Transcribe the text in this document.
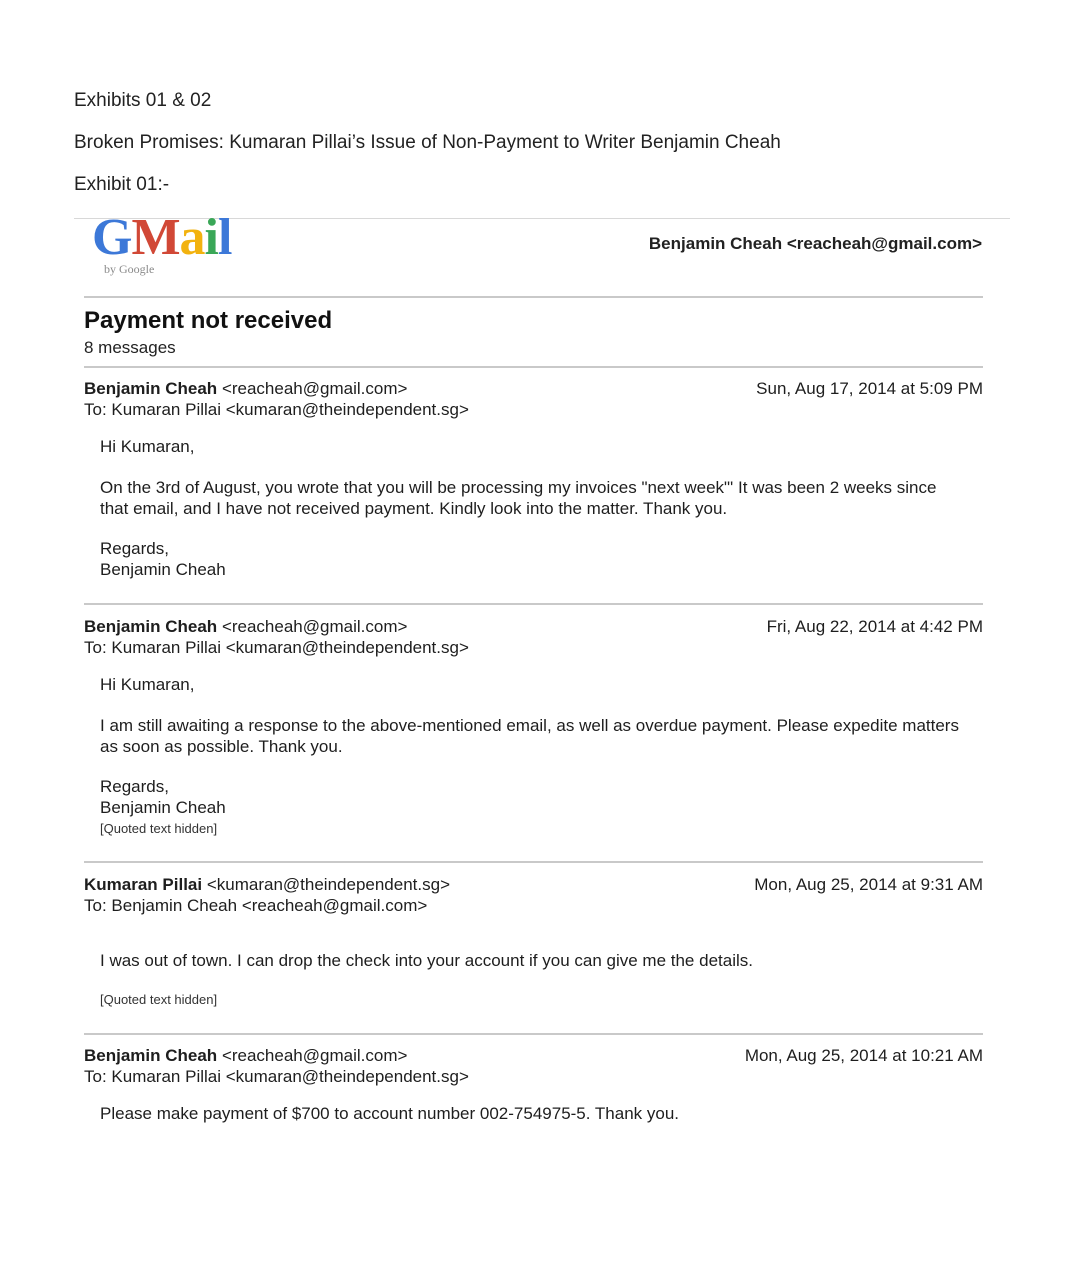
Exhibits 01 & 02
Broken Promises: Kumaran Pillai’s Issue of Non-Payment to Writer Benjamin Cheah
Exhibit 01:-
GMail
by Google
Benjamin Cheah <reacheah@gmail.com>
Payment not received
8 messages
Benjamin Cheah <reacheah@gmail.com>
To: Kumaran Pillai <kumaran@theindependent.sg>
Sun, Aug 17, 2014 at 5:09 PM
Hi Kumaran,
On the 3rd of August, you wrote that you will be processing my invoices "next week"' It was been 2 weeks since that email, and I have not received payment. Kindly look into the matter. Thank you.
Regards,
Benjamin Cheah
Benjamin Cheah <reacheah@gmail.com>
To: Kumaran Pillai <kumaran@theindependent.sg>
Fri, Aug 22, 2014 at 4:42 PM
Hi Kumaran,
I am still awaiting a response to the above-mentioned email, as well as overdue payment. Please expedite matters as soon as possible. Thank you.
Regards,
Benjamin Cheah
[Quoted text hidden]
Kumaran Pillai <kumaran@theindependent.sg>
To: Benjamin Cheah <reacheah@gmail.com>
Mon, Aug 25, 2014 at 9:31 AM
I was out of town. I can drop the check into your account if you can give me the details.
[Quoted text hidden]
Benjamin Cheah <reacheah@gmail.com>
To: Kumaran Pillai <kumaran@theindependent.sg>
Mon, Aug 25, 2014 at 10:21 AM
Please make payment of $700 to account number 002-754975-5. Thank you.
